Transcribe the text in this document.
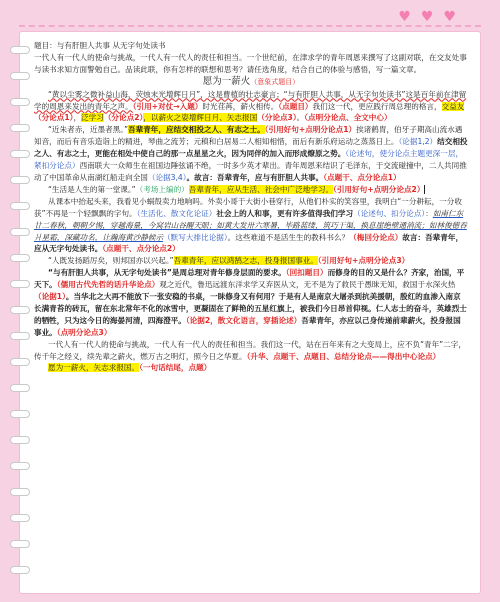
♥ ♥ ♥

题目：与有肝胆人共事 从无字句处读书

一代人有一代人的使命与挑战，一代人有一代人的责任和担当。一个世纪前，在津求学的青年周恩来撰写了这副对联，在交友处事与读书求知方面警勉自己。品读此联，你有怎样的联想和思考？请任选角度，结合自己的体验与感悟，写一篇文章。

愿为一薪火（意象式题目）

“黄以尘雾之微补益山海，荧烛末光增辉日月”，这是曹植的壮志豪言；“与有肝胆人共事，从无字句处读书”这是百年前在津留学的周恩来发出的青年之声。（引用+对仗→入题）时光荏苒，薪火相传。（点题目）我们这一代，更应践行周总理的格言，交益友（分论点1），泛学习（分论点2），以薪火之姿增辉日月、矢志报国（分论点3）。（点明分论点、全文中心）

“近朱者赤，近墨者黑。”吾辈青年，应结交相投之人、有志之士。（引用好句+点明分论点1）挨诸鹤胄，伯牙子期高山流水遇知音，而后有音乐造诣上的精进，琴曲之流芳；元稹和白居易二人相知相惜，而后有新乐府运动之蒸蒸日上。（论据1,2）结交相投之人、有志之士，更能在相处中使自己的那一点星星之火，因为同伴的加入而形成燎原之势。（论述句，使分论点主题更深一层，紧扣分论点）西南联大一众师生在祖国边陲弦诵不绝，一时多少英才辈出。青年周恩来结识了毛泽东，于交流碰撞中，二人共同推动了中国革命从南湖红船走向全国（论据3,4）。故言：吾辈青年，应与有肝胆人共事。（点题干、点分论点1）

“生活是人生的第一堂课。”（考场上编的）吾辈青年，应从生活、社会中广泛地学习。（引用好句+点明分论点2）

从课本中抬起头来，我看见小蜗殻卖力地响吗。外卖小哥于大街小巷穿行，从他们朴实的笑容里，我明白“一分耕耘，一分收获”不再是一个轻飘飘的字句。（生活化、散文化论证）社会上的人和事，更有许多值得我们学习（论述句、扣分论点）：如南仁东廿二春秋，朝朝夕惕，穿越海量，今窝岩山谷醒天眼；如黄大发卅六寒暑，毕路蓝缕，筑巧干渠，换息崖绝壁通消流；如林俊德吞爿星霜，深藏功名，让瀚海黄沙静候示（默写大排比论据）。这些难道不是活生生的教科书么？（梅回分论点）故言：吾辈青年，应从无字句处读书。（点题干、点分论点2）

“人既发扬蹈厉矣，则邦国亦以兴起。”吾辈青年，应以鸿鹄之志，投身报国事业。（引用好句+点明分论点3）

“与有肝胆人共事，从无字句处读书”是周总理对青年修身层面的要求。（回扣题目）而修身的目的又是什么？齐家，治国，平天下。（儒用古代先哲的话升华论点）观之近代，鲁迅远渡东洋求学又弃医从文，无不是为了救民于愚昧无知，救国于水深火热（论据1）。当华北之大再不能放下一张安稳的书桌，一眛修身又有何用？于是有人是南京大屠杀到抗美援朝，殷红的血渗入南京长满青苔的砖瓦，留在东北常年不化的冰雪中，更凝固在了鲜艳的五星红旗上，被我们今日昂首仰视。仁人志士的奋斗，英雄烈士的牺牲，只为这今日的海晏河清，四海澄平。（论据2，散文化语言，穿插论述）吾辈青年，亦应以己身传递前辈薪火，投身报国事业。（点明分论点3）

一代人有一代人的使命与挑战，一代人有一代人的责任和担当。我们这一代，站在百年来有之大变局上，应不负“青年”二字，传千年之经义，续先辈之薪火，燃万古之明灯，照今日之华夏。（升华、点题干、点题目、总结分论点——得出中心论点）

愿为一薪火，矢志求报国。（一句话结尾，点题）
